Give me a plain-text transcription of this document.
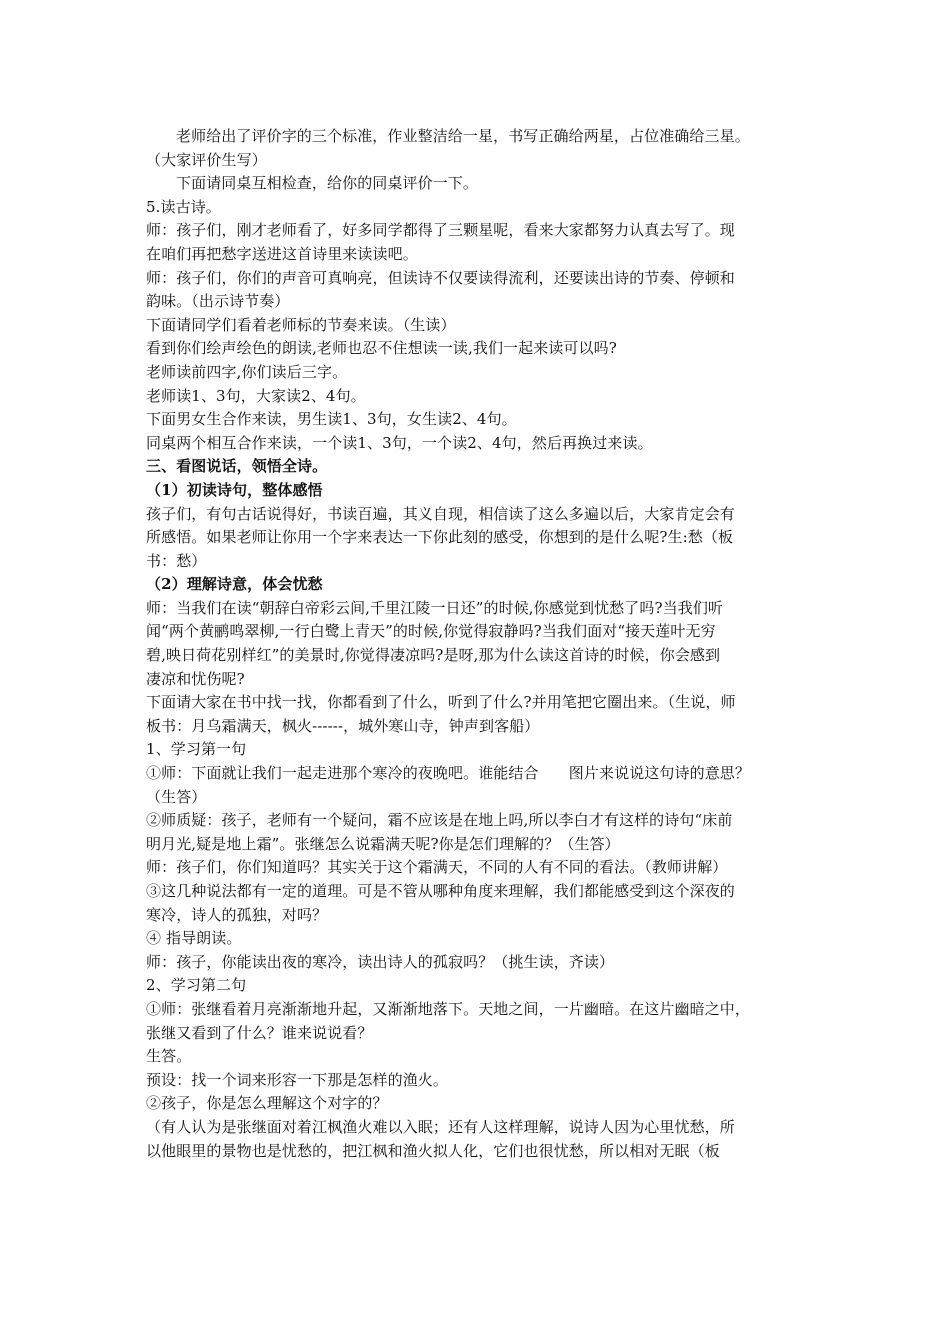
老师给出了评价字的三个标准，作业整洁给一星，书写正确给两星，占位准确给三星。
（大家评价生写）
下面请同桌互相检查，给你的同桌评价一下。
5.读古诗。
师：孩子们，刚才老师看了，好多同学都得了三颗星呢，看来大家都努力认真去写了。现
在咱们再把愁字送进这首诗里来读读吧。
师：孩子们，你们的声音可真响亮，但读诗不仅要读得流利，还要读出诗的节奏、停顿和
韵味。（出示诗节奏）
下面请同学们看着老师标的节奏来读。（生读）
看到你们绘声绘色的朗读,老师也忍不住想读一读,我们一起来读可以吗?
老师读前四字,你们读后三字。
老师读1、3句，大家读2、4句。
下面男女生合作来读，男生读1、3句，女生读2、4句。
同桌两个相互合作来读，一个读1、3句，一个读2、4句，然后再换过来读。
三、看图说话，领悟全诗。
（1）初读诗句，整体感悟
孩子们，有句古话说得好，书读百遍，其义自现，相信读了这么多遍以后，大家肯定会有
所感悟。如果老师让你用一个字来表达一下你此刻的感受，你想到的是什么呢?生:愁（板
书：愁）
（2）理解诗意，体会忧愁
师：当我们在读“朝辞白帝彩云间,千里江陵一日还”的时候,你感觉到忧愁了吗?当我们听
闻“两个黄鹂鸣翠柳,一行白鹭上青天”的时候,你觉得寂静吗?当我们面对“接天莲叶无穷
碧,映日荷花别样红”的美景时,你觉得凄凉吗?是呀,那为什么读这首诗的时候，你会感到
凄凉和忧伤呢?
下面请大家在书中找一找，你都看到了什么，听到了什么?并用笔把它圈出来。（生说，师
板书：月乌霜满天，枫火------，城外寒山寺，钟声到客船）
1、学习第一句
①师：下面就让我们一起走进那个寒冷的夜晚吧。谁能结合　　图片来说说这句诗的意思？
（生答）
②师质疑：孩子，老师有一个疑问，霜不应该是在地上吗,所以李白才有这样的诗句“床前
明月光,疑是地上霜”。张继怎么说霜满天呢?你是怎们理解的？（生答）
师：孩子们，你们知道吗？其实关于这个霜满天，不同的人有不同的看法。（教师讲解）
③这几种说法都有一定的道理。可是不管从哪种角度来理解，我们都能感受到这个深夜的
寒冷，诗人的孤独，对吗？
④ 指导朗读。
师：孩子，你能读出夜的寒冷，读出诗人的孤寂吗？（挑生读，齐读）
2、学习第二句
①师：张继看着月亮渐渐地升起，又渐渐地落下。天地之间，一片幽暗。在这片幽暗之中，
张继又看到了什么？谁来说说看？
生答。
预设：找一个词来形容一下那是怎样的渔火。
②孩子，你是怎么理解这个对字的？
（有人认为是张继面对着江枫渔火难以入眠；还有人这样理解，说诗人因为心里忧愁，所
以他眼里的景物也是忧愁的，把江枫和渔火拟人化，它们也很忧愁，所以相对无眠（板
